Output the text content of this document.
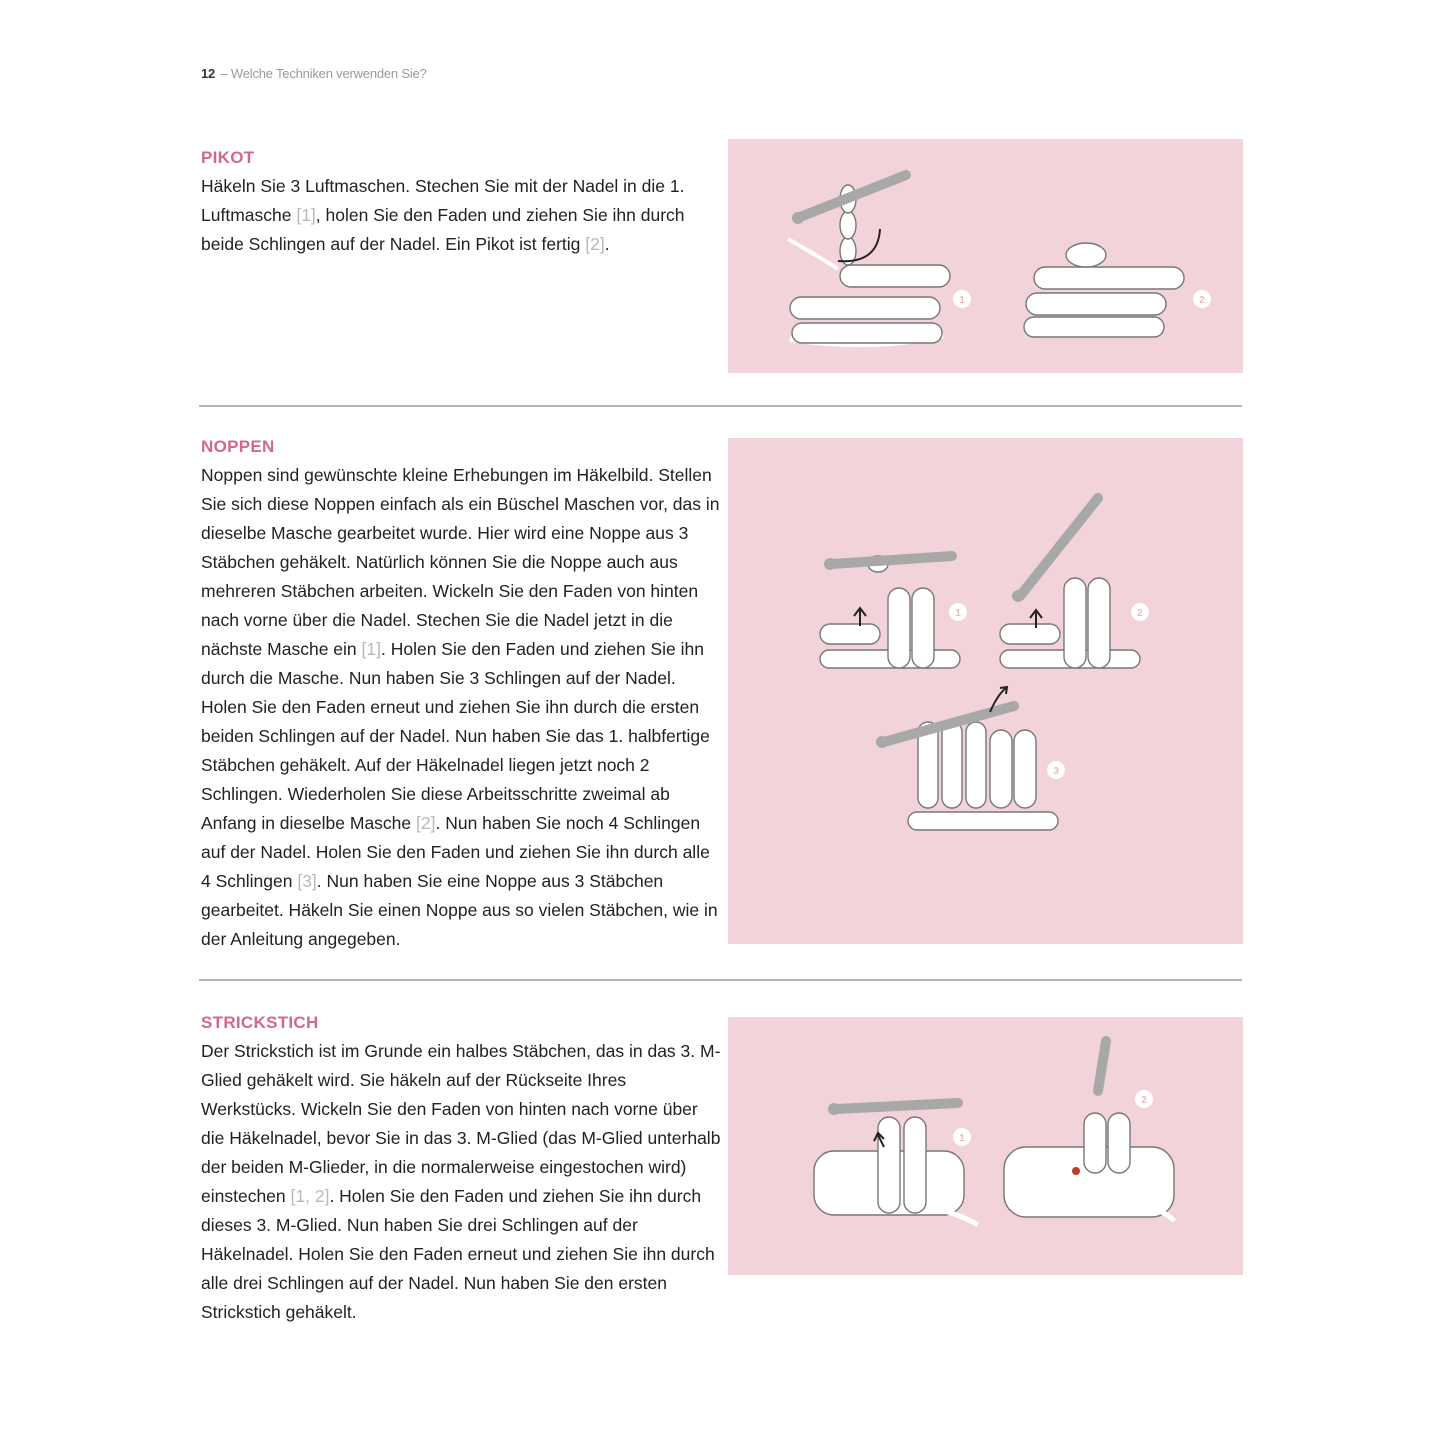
12 – Welche Techniken verwenden Sie?
PIKOT

Häkeln Sie 3 Luftmaschen. Stechen Sie mit der Nadel in die 1. Luftmasche [1], holen Sie den Faden und ziehen Sie ihn durch beide Schlingen auf der Nadel. Ein Pikot ist fertig [2].

1	2
NOPPEN

Noppen sind gewünschte kleine Erhebungen im Häkelbild. Stellen Sie sich diese Noppen einfach als ein Büschel Maschen vor, das in dieselbe Masche gearbeitet wurde. Hier wird eine Noppe aus 3 Stäbchen gehäkelt. Natürlich können Sie die Noppe auch aus mehreren Stäbchen arbeiten. Wickeln Sie den Faden von hinten nach vorne über die Nadel. Stechen Sie die Nadel jetzt in die nächste Masche ein [1]. Holen Sie den Faden und ziehen Sie ihn durch die Masche. Nun haben Sie 3 Schlingen auf der Nadel. Holen Sie den Faden erneut und ziehen Sie ihn durch die ersten beiden Schlingen auf der Nadel. Nun haben Sie das 1. halbfertige Stäbchen gehäkelt. Auf der Häkelnadel liegen jetzt noch 2 Schlingen. Wiederholen Sie diese Arbeitsschritte zweimal ab Anfang in dieselbe Masche [2]. Nun haben Sie noch 4 Schlingen auf der Nadel. Holen Sie den Faden und ziehen Sie ihn durch alle 4 Schlingen [3]. Nun haben Sie eine Noppe aus 3 Stäbchen gearbeitet. Häkeln Sie einen Noppe aus so vielen Stäbchen, wie in der Anleitung angegeben.

1	2
3
STRICKSTICH

Der Strickstich ist im Grunde ein halbes Stäbchen, das in das 3. M-Glied gehäkelt wird. Sie häkeln auf der Rückseite Ihres Werkstücks. Wickeln Sie den Faden von hinten nach vorne über die Häkelnadel, bevor Sie in das 3. M-Glied (das M-Glied unterhalb der beiden M-Glieder, in die normalerweise eingestochen wird) einstechen [1, 2]. Holen Sie den Faden und ziehen Sie ihn durch dieses 3. M-Glied. Nun haben Sie drei Schlingen auf der Häkelnadel. Holen Sie den Faden erneut und ziehen Sie ihn durch alle drei Schlingen auf der Nadel. Nun haben Sie den ersten Strickstich gehäkelt.

1
2
